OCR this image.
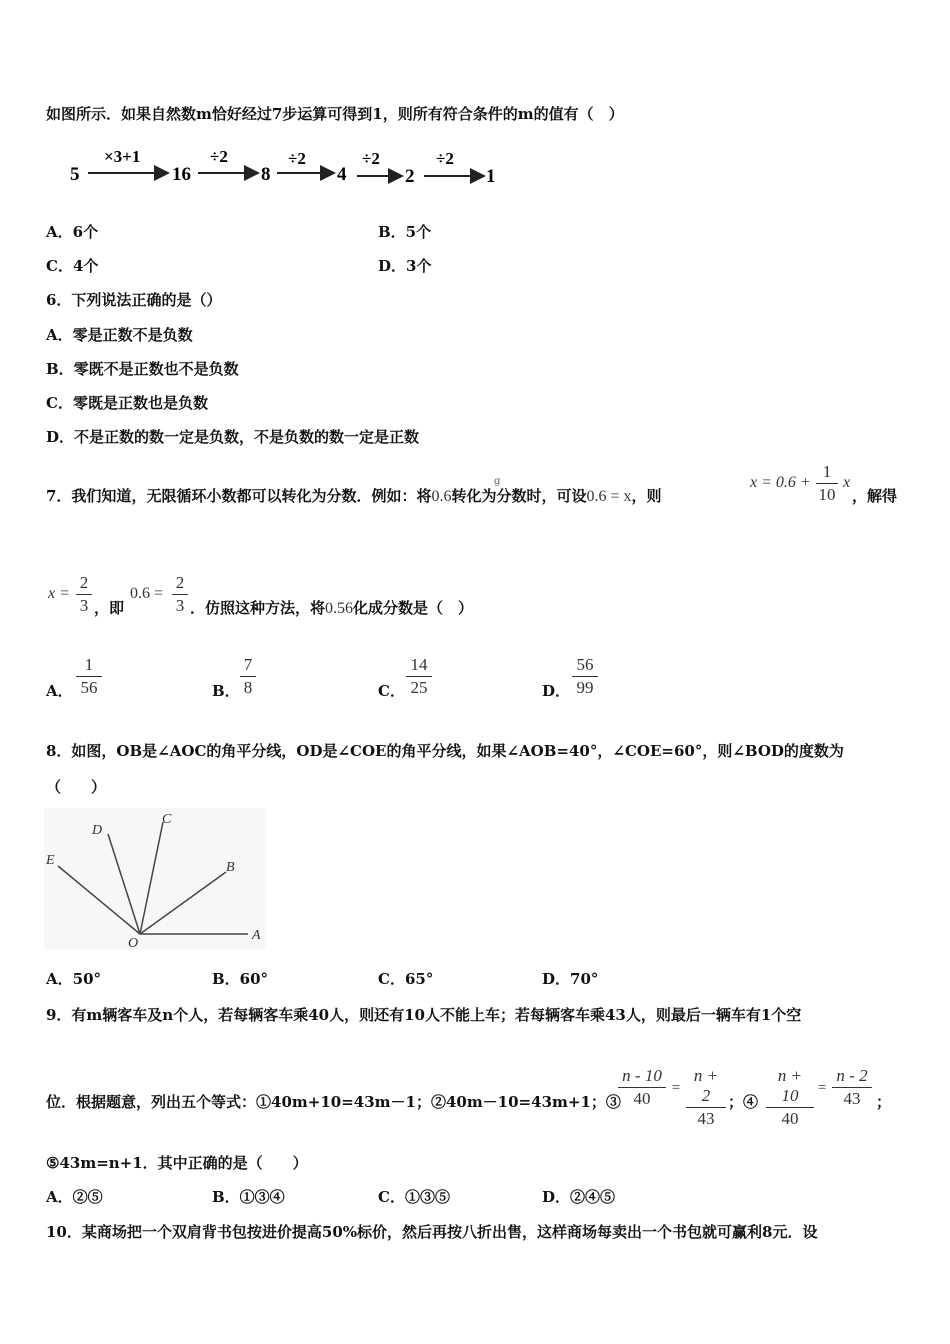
如图所示．如果自然数m恰好经过7步运算可得到1，则所有符合条件的m的值有（　）
5
×3+1
16
÷2
8
÷2
4
÷2
2
÷2
1
A．6个	B．5个
C．4个	D．3个
6．下列说法正确的是（）
A．零是正数不是负数
B．零既不是正数也不是负数
C．零既是正数也是负数
D．不是正数的数一定是负数，不是负数的数一定是正数
7．我们知道，无限循环小数都可以转化为分数．例如：将0.6转化为分数时，可设0.6 = x，则
g	$x = 0.6 + \frac{1}{10}$ x
，解得
$x = \frac{2}{3}$ ，即
$0.6 = \frac{2}{3}$ ．仿照这种方法，将0.56化成分数是（　）
A． $\frac{1}{56}$	B． $\frac{7}{8}$	C． $\frac{14}{25}$	D． $\frac{56}{99}$
8．如图，OB是∠AOC的角平分线，OD是∠COE的角平分线，如果∠AOB=40°，∠COE=60°，则∠BOD的度数为
（　　）
E
D
C
B
A
O
A．50°	B．60°	C．65°	D．70°
9．有m辆客车及n个人，若每辆客车乘40人，则还有10人不能上车；若每辆客车乘43人，则最后一辆车有1个空
位．根据题意，列出五个等式：①40m+10=43m－1；②40m－10=43m+1；③
$\frac{n - 10}{40} = \frac{n + 2}{43}$ ；④ $\frac{n + 10}{40} = \frac{n - 2}{43}$ ；
⑤43m=n+1．其中正确的是（　　）
A．②⑤	B．①③④	C．①③⑤	D．②④⑤
10．某商场把一个双肩背书包按进价提高50%标价，然后再按八折出售，这样商场每卖出一个书包就可赢利8元．设
